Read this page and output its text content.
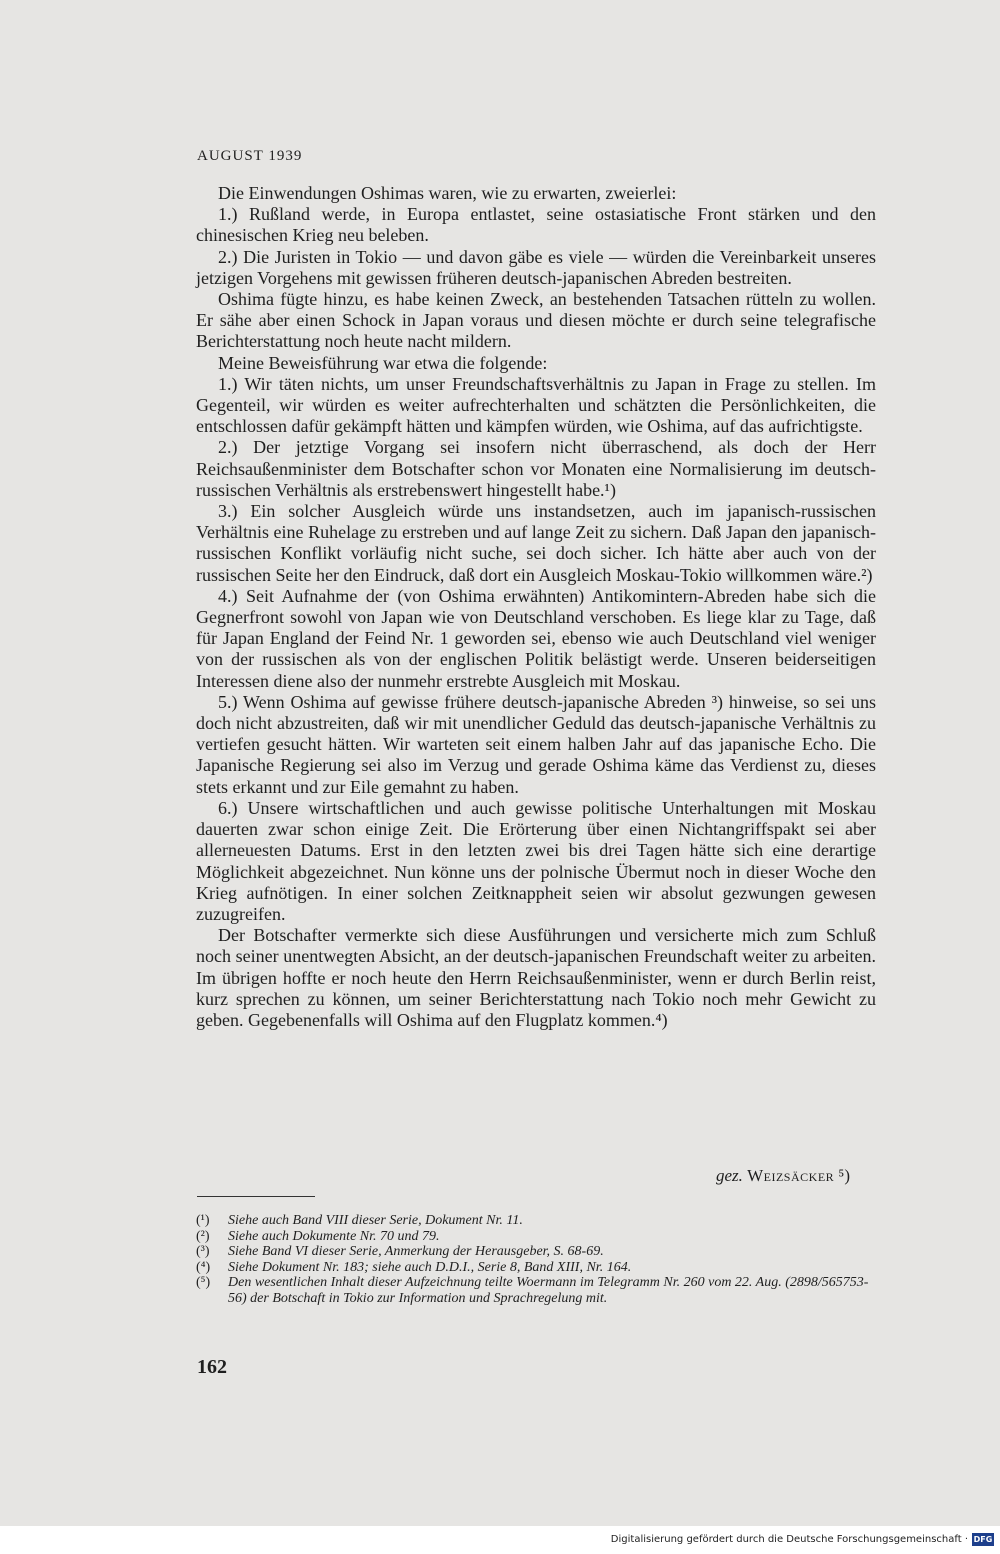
AUGUST 1939

Die Einwendungen Oshimas waren, wie zu erwarten, zweierlei:

1.) Rußland werde, in Europa entlastet, seine ostasiatische Front stärken und den chinesischen Krieg neu beleben.

2.) Die Juristen in Tokio — und davon gäbe es viele — würden die Vereinbarkeit unseres jetzigen Vorgehens mit gewissen früheren deutsch-japanischen Abreden bestreiten.

Oshima fügte hinzu, es habe keinen Zweck, an bestehenden Tatsachen rütteln zu wollen. Er sähe aber einen Schock in Japan voraus und diesen möchte er durch seine telegrafische Berichterstattung noch heute nacht mildern.

Meine Beweisführung war etwa die folgende:

1.) Wir täten nichts, um unser Freundschaftsverhältnis zu Japan in Frage zu stellen. Im Gegenteil, wir würden es weiter aufrechterhalten und schätzten die Persönlichkeiten, die entschlossen dafür gekämpft hätten und kämpfen würden, wie Oshima, auf das aufrichtigste.

2.) Der jetztige Vorgang sei insofern nicht überraschend, als doch der Herr Reichsaußenminister dem Botschafter schon vor Monaten eine Normalisierung im deutsch-russischen Verhältnis als erstrebenswert hingestellt habe.¹)

3.) Ein solcher Ausgleich würde uns instandsetzen, auch im japanisch-russischen Verhältnis eine Ruhelage zu erstreben und auf lange Zeit zu sichern. Daß Japan den japanisch-russischen Konflikt vorläufig nicht suche, sei doch sicher. Ich hätte aber auch von der russischen Seite her den Eindruck, daß dort ein Ausgleich Moskau-Tokio willkommen wäre.²)

4.) Seit Aufnahme der (von Oshima erwähnten) Antikomintern-Abreden habe sich die Gegnerfront sowohl von Japan wie von Deutschland verschoben. Es liege klar zu Tage, daß für Japan England der Feind Nr. 1 geworden sei, ebenso wie auch Deutschland viel weniger von der russischen als von der englischen Politik belästigt werde. Unseren beiderseitigen Interessen diene also der nunmehr erstrebte Ausgleich mit Moskau.

5.) Wenn Oshima auf gewisse frühere deutsch-japanische Abreden ³) hinweise, so sei uns doch nicht abzustreiten, daß wir mit unendlicher Geduld das deutsch-japanische Verhältnis zu vertiefen gesucht hätten. Wir warteten seit einem halben Jahr auf das japanische Echo. Die Japanische Regierung sei also im Verzug und gerade Oshima käme das Verdienst zu, dieses stets erkannt und zur Eile gemahnt zu haben.

6.) Unsere wirtschaftlichen und auch gewisse politische Unterhaltungen mit Moskau dauerten zwar schon einige Zeit. Die Erörterung über einen Nichtangriffspakt sei aber allerneuesten Datums. Erst in den letzten zwei bis drei Tagen hätte sich eine derartige Möglichkeit abgezeichnet. Nun könne uns der polnische Übermut noch in dieser Woche den Krieg aufnötigen. In einer solchen Zeitknappheit seien wir absolut gezwungen gewesen zuzugreifen.

Der Botschafter vermerkte sich diese Ausführungen und versicherte mich zum Schluß noch seiner unentwegten Absicht, an der deutsch-japanischen Freundschaft weiter zu arbeiten. Im übrigen hoffte er noch heute den Herrn Reichsaußenminister, wenn er durch Berlin reist, kurz sprechen zu können, um seiner Berichterstattung nach Tokio noch mehr Gewicht zu geben. Gegebenenfalls will Oshima auf den Flugplatz kommen.⁴)

gez. Weizsäcker ⁵)
(¹)	Siehe auch Band VIII dieser Serie, Dokument Nr. 11.
(²)	Siehe auch Dokumente Nr. 70 und 79.
(³)	Siehe Band VI dieser Serie, Anmerkung der Herausgeber, S. 68-69.
(⁴)	Siehe Dokument Nr. 183; siehe auch D.D.I., Serie 8, Band XIII, Nr. 164.
(⁵)	Den wesentlichen Inhalt dieser Aufzeichnung teilte Woermann im Telegramm Nr. 260 vom 22. Aug. (2898/565753-56) der Botschaft in Tokio zur Information und Sprachregelung mit.
162
Digitalisierung gefördert durch die Deutsche Forschungsgemeinschaft · DFG
